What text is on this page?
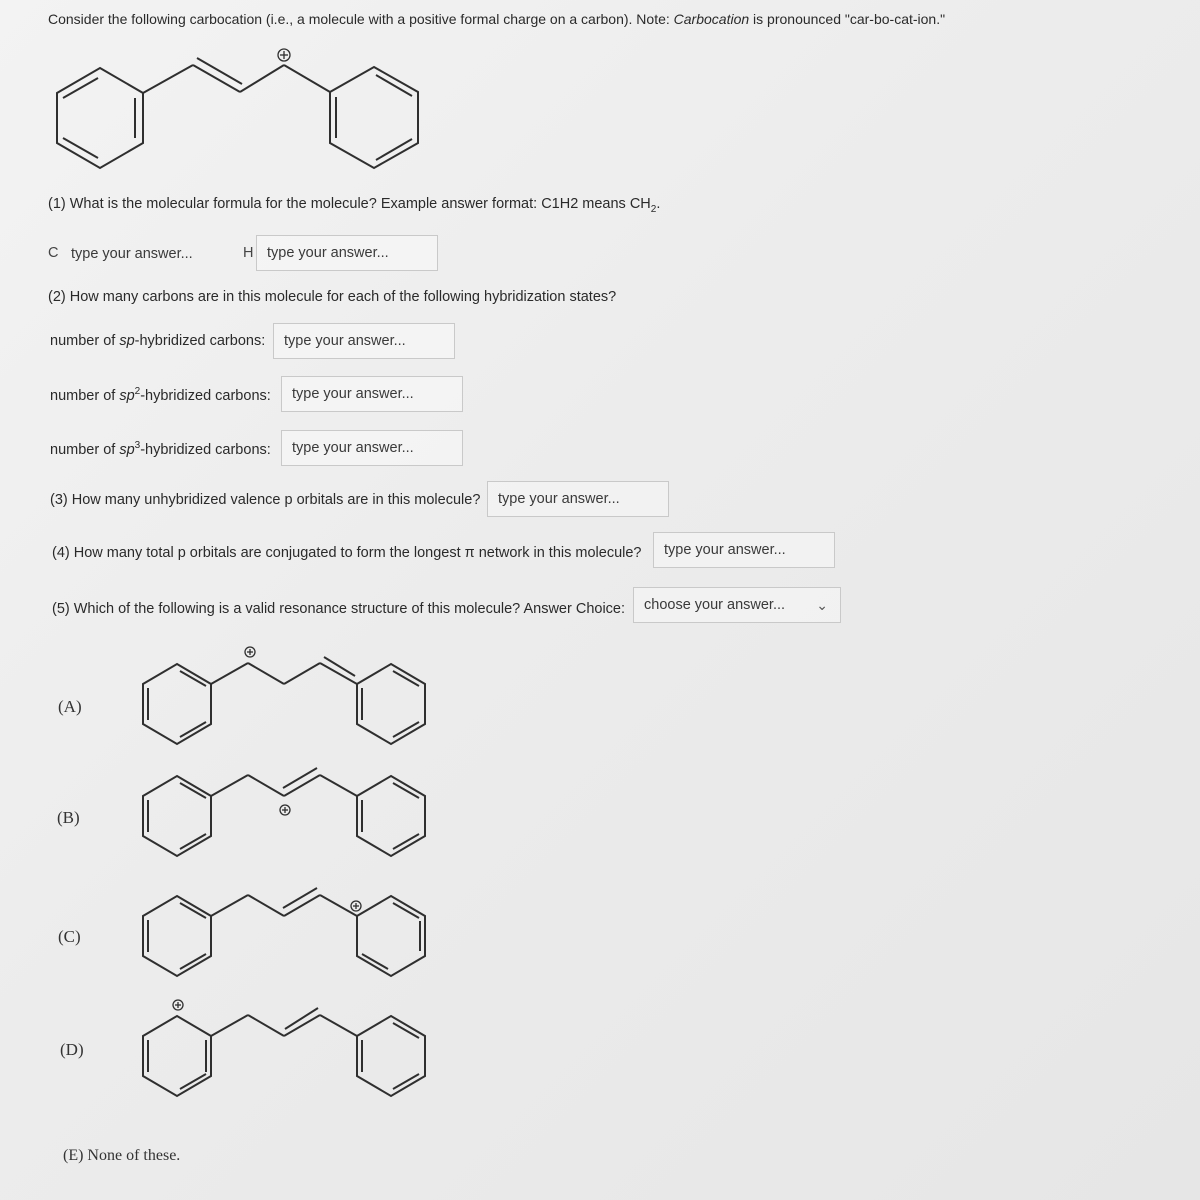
Consider the following carbocation (i.e., a molecule with a positive formal charge on a carbon). Note: Carbocation is pronounced "car-bo-cat-ion."
(1) What is the molecular formula for the molecule? Example answer format: C1H2 means $CH_2$.
C type your answer...	H type your answer...
(2) How many carbons are in this molecule for each of the following hybridization states?
number of sp-hybridized carbons:	type your answer...
number of $sp^2$-hybridized carbons:	type your answer...
number of $sp^3$-hybridized carbons:	type your answer...
(3) How many unhybridized valence p orbitals are in this molecule?	type your answer...
(4) How many total p orbitals are conjugated to form the longest π network in this molecule?	type your answer...
(5) Which of the following is a valid resonance structure of this molecule? Answer Choice:	choose your answer... ⌄
(A)
(B)
(C)
(D)
(E) None of these.
